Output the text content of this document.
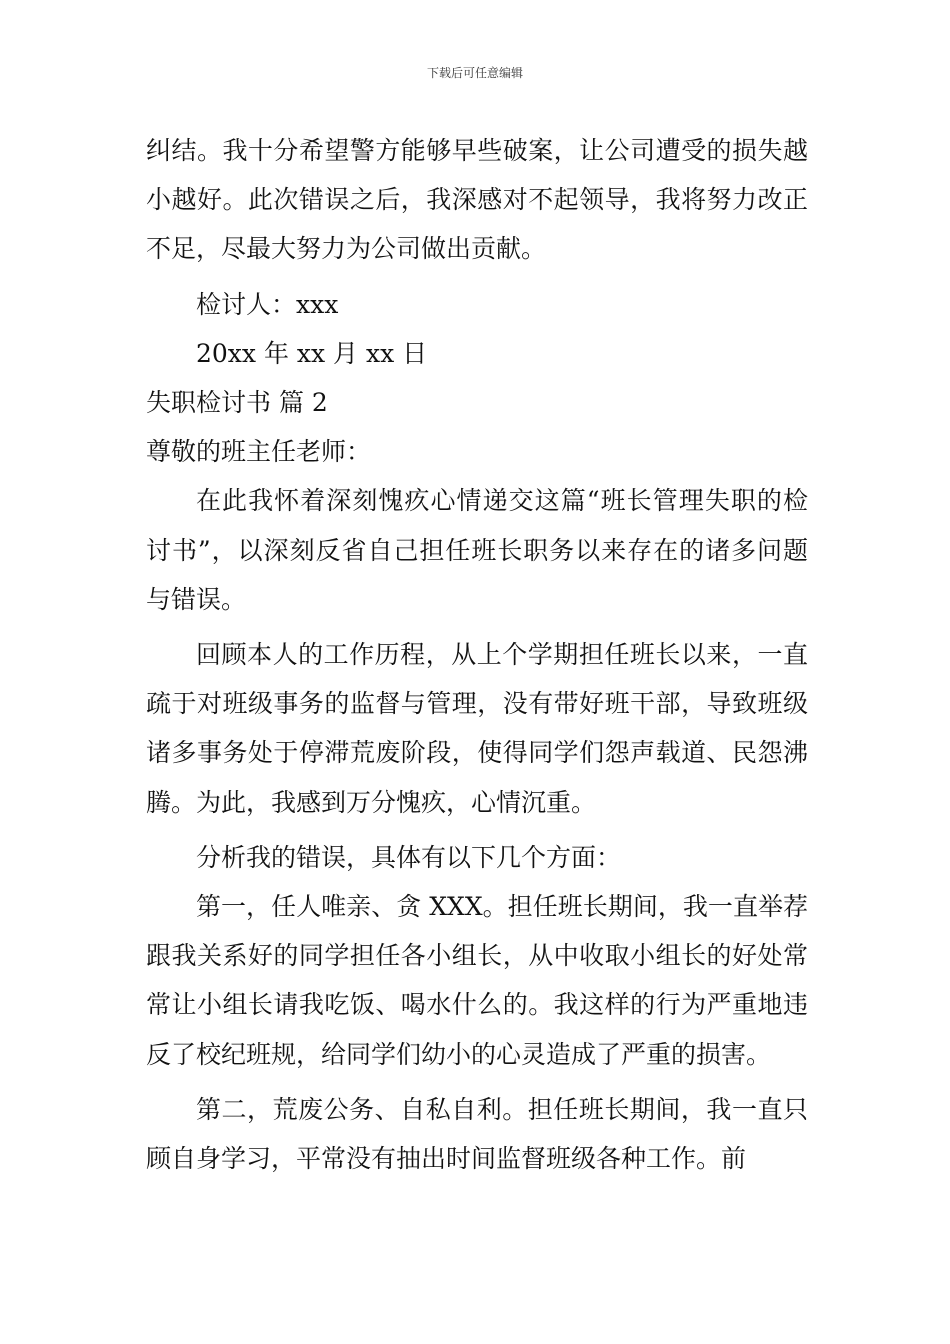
下载后可任意编辑

纠结。我十分希望警方能够早些破案，让公司遭受的损失越小越好。此次错误之后，我深感对不起领导，我将努力改正不足，尽最大努力为公司做出贡献。

检讨人：xxx

20xx 年 xx 月 xx 日

失职检讨书 篇 2

尊敬的班主任老师：

在此我怀着深刻愧疚心情递交这篇“班长管理失职的检讨书”，以深刻反省自己担任班长职务以来存在的诸多问题与错误。

回顾本人的工作历程，从上个学期担任班长以来，一直疏于对班级事务的监督与管理，没有带好班干部，导致班级诸多事务处于停滞荒废阶段，使得同学们怨声载道、民怨沸腾。为此，我感到万分愧疚，心情沉重。

分析我的错误，具体有以下几个方面：

第一，任人唯亲、贪 XXX。担任班长期间，我一直举荐跟我关系好的同学担任各小组长，从中收取小组长的好处常常让小组长请我吃饭、喝水什么的。我这样的行为严重地违反了校纪班规，给同学们幼小的心灵造成了严重的损害。

第二，荒废公务、自私自利。担任班长期间，我一直只顾自身学习，平常没有抽出时间监督班级各种工作。前
